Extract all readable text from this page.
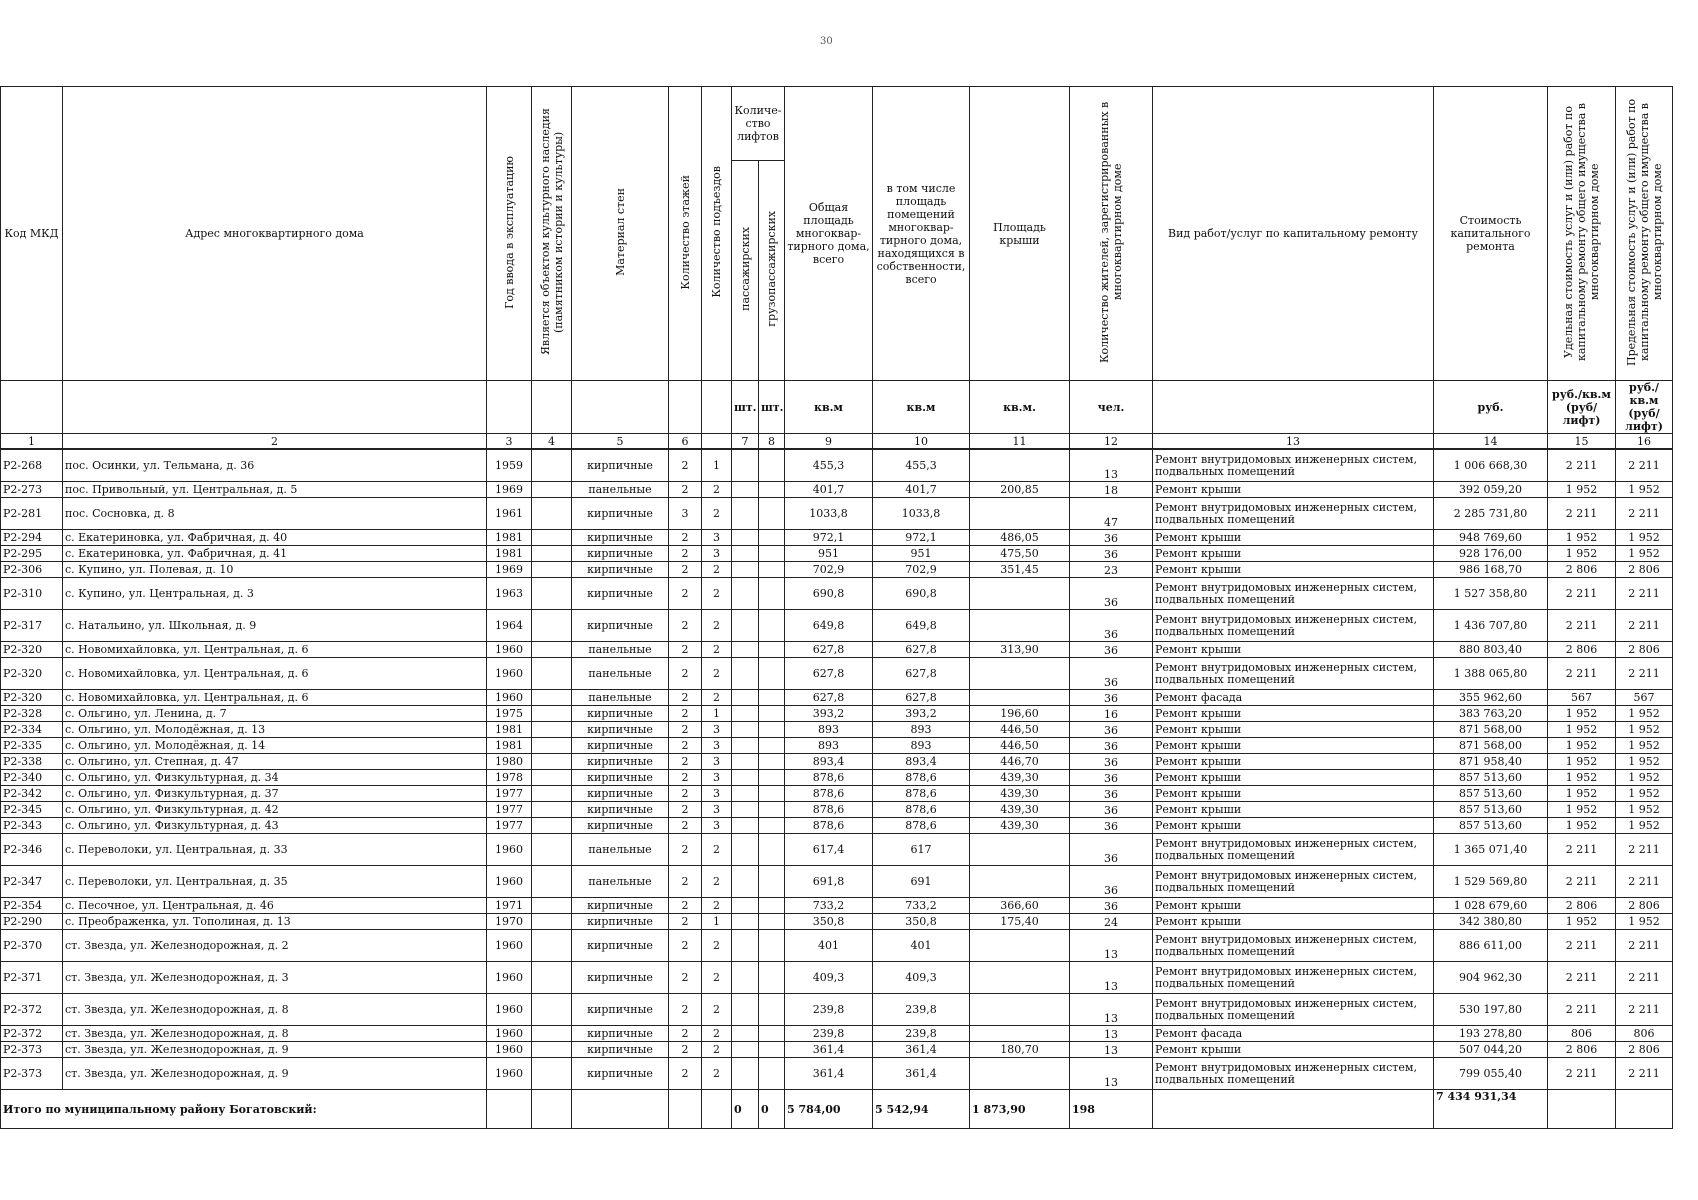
30
Код МКД	Адрес многоквартирного дома	Год ввода в эксплуатацию	Является объектом культурного наследия (памятником истории и культуры)	Материал стен	Количество этажей	Количество подъездов	Количе-ство лифтов		Общая площадь многоквар-тирного дома, всего	в том числе площадь помещений многоквар-тирного дома, находящихся в собственности, всего	Площадь крыши	Количество жителей, зарегистрированных в многоквартирном доме	Вид работ/услуг по капитальному ремонту	Стоимость капитального ремонта	Удельная стоимость услуг и (или) работ по капитальному ремонту общего имущества в многоквартирном доме	Предельная стоимость услуг и (или) работ по капитальному ремонту общего имущества в многоквартирном доме
							пассажирских	грузопассажирских								
							шт.	шт.	кв.м	кв.м	кв.м.	чел.		руб.	руб./кв.м (руб/лифт)	руб./кв.м (руб/лифт)
1	2	3	4	5	6		7	8	9	10	11	12	13	14	15	16
Р2-268	пос. Осинки, ул. Тельмана, д. 36	1959		кирпичные	2	1			455,3	455,3		13	Ремонт внутридомовых инженерных систем, подвальных помещений	1 006 668,30	2 211	2 211
Р2-273	пос. Привольный, ул. Центральная, д. 5	1969		панельные	2	2			401,7	401,7	200,85	18	Ремонт крыши	392 059,20	1 952	1 952
Р2-281	пос. Сосновка, д. 8	1961		кирпичные	3	2			1033,8	1033,8		47	Ремонт внутридомовых инженерных систем, подвальных помещений	2 285 731,80	2 211	2 211
Р2-294	с. Екатериновка, ул. Фабричная, д. 40	1981		кирпичные	2	3			972,1	972,1	486,05	36	Ремонт крыши	948 769,60	1 952	1 952
Р2-295	с. Екатериновка, ул. Фабричная, д. 41	1981		кирпичные	2	3			951	951	475,50	36	Ремонт крыши	928 176,00	1 952	1 952
Р2-306	с. Купино, ул. Полевая, д. 10	1969		кирпичные	2	2			702,9	702,9	351,45	23	Ремонт крыши	986 168,70	2 806	2 806
Р2-310	с. Купино, ул. Центральная, д. 3	1963		кирпичные	2	2			690,8	690,8		36	Ремонт внутридомовых инженерных систем, подвальных помещений	1 527 358,80	2 211	2 211
Р2-317	с. Натальино, ул. Школьная, д. 9	1964		кирпичные	2	2			649,8	649,8		36	Ремонт внутридомовых инженерных систем, подвальных помещений	1 436 707,80	2 211	2 211
Р2-320	с. Новомихайловка, ул. Центральная, д. 6	1960		панельные	2	2			627,8	627,8	313,90	36	Ремонт крыши	880 803,40	2 806	2 806
Р2-320	с. Новомихайловка, ул. Центральная, д. 6	1960		панельные	2	2			627,8	627,8		36	Ремонт внутридомовых инженерных систем, подвальных помещений	1 388 065,80	2 211	2 211
Р2-320	с. Новомихайловка, ул. Центральная, д. 6	1960		панельные	2	2			627,8	627,8		36	Ремонт фасада	355 962,60	567	567
Р2-328	с. Ольгино, ул. Ленина, д. 7	1975		кирпичные	2	1			393,2	393,2	196,60	16	Ремонт крыши	383 763,20	1 952	1 952
Р2-334	с. Ольгино, ул. Молодёжная, д. 13	1981		кирпичные	2	3			893	893	446,50	36	Ремонт крыши	871 568,00	1 952	1 952
Р2-335	с. Ольгино, ул. Молодёжная, д. 14	1981		кирпичные	2	3			893	893	446,50	36	Ремонт крыши	871 568,00	1 952	1 952
Р2-338	с. Ольгино, ул. Степная, д. 47	1980		кирпичные	2	3			893,4	893,4	446,70	36	Ремонт крыши	871 958,40	1 952	1 952
Р2-340	с. Ольгино, ул. Физкультурная, д. 34	1978		кирпичные	2	3			878,6	878,6	439,30	36	Ремонт крыши	857 513,60	1 952	1 952
Р2-342	с. Ольгино, ул. Физкультурная, д. 37	1977		кирпичные	2	3			878,6	878,6	439,30	36	Ремонт крыши	857 513,60	1 952	1 952
Р2-345	с. Ольгино, ул. Физкультурная, д. 42	1977		кирпичные	2	3			878,6	878,6	439,30	36	Ремонт крыши	857 513,60	1 952	1 952
Р2-343	с. Ольгино, ул. Физкультурная, д. 43	1977		кирпичные	2	3			878,6	878,6	439,30	36	Ремонт крыши	857 513,60	1 952	1 952
Р2-346	с. Переволоки, ул. Центральная, д. 33	1960		панельные	2	2			617,4	617		36	Ремонт внутридомовых инженерных систем, подвальных помещений	1 365 071,40	2 211	2 211
Р2-347	с. Переволоки, ул. Центральная, д. 35	1960		панельные	2	2			691,8	691		36	Ремонт внутридомовых инженерных систем, подвальных помещений	1 529 569,80	2 211	2 211
Р2-354	с. Песочное, ул. Центральная, д. 46	1971		кирпичные	2	2			733,2	733,2	366,60	36	Ремонт крыши	1 028 679,60	2 806	2 806
Р2-290	с. Преображенка, ул. Тополиная, д. 13	1970		кирпичные	2	1			350,8	350,8	175,40	24	Ремонт крыши	342 380,80	1 952	1 952
Р2-370	ст. Звезда, ул. Железнодорожная, д. 2	1960		кирпичные	2	2			401	401		13	Ремонт внутридомовых инженерных систем, подвальных помещений	886 611,00	2 211	2 211
Р2-371	ст. Звезда, ул. Железнодорожная, д. 3	1960		кирпичные	2	2			409,3	409,3		13	Ремонт внутридомовых инженерных систем, подвальных помещений	904 962,30	2 211	2 211
Р2-372	ст. Звезда, ул. Железнодорожная, д. 8	1960		кирпичные	2	2			239,8	239,8		13	Ремонт внутридомовых инженерных систем, подвальных помещений	530 197,80	2 211	2 211
Р2-372	ст. Звезда, ул. Железнодорожная, д. 8	1960		кирпичные	2	2			239,8	239,8		13	Ремонт фасада	193 278,80	806	806
Р2-373	ст. Звезда, ул. Железнодорожная, д. 9	1960		кирпичные	2	2			361,4	361,4	180,70	13	Ремонт крыши	507 044,20	2 806	2 806
Р2-373	ст. Звезда, ул. Железнодорожная, д. 9	1960		кирпичные	2	2			361,4	361,4		13	Ремонт внутридомовых инженерных систем, подвальных помещений	799 055,40	2 211	2 211
Итого по муниципальному району Богатовский:							0	0	5 784,00	5 542,94	1 873,90	198		7 434 931,34		
